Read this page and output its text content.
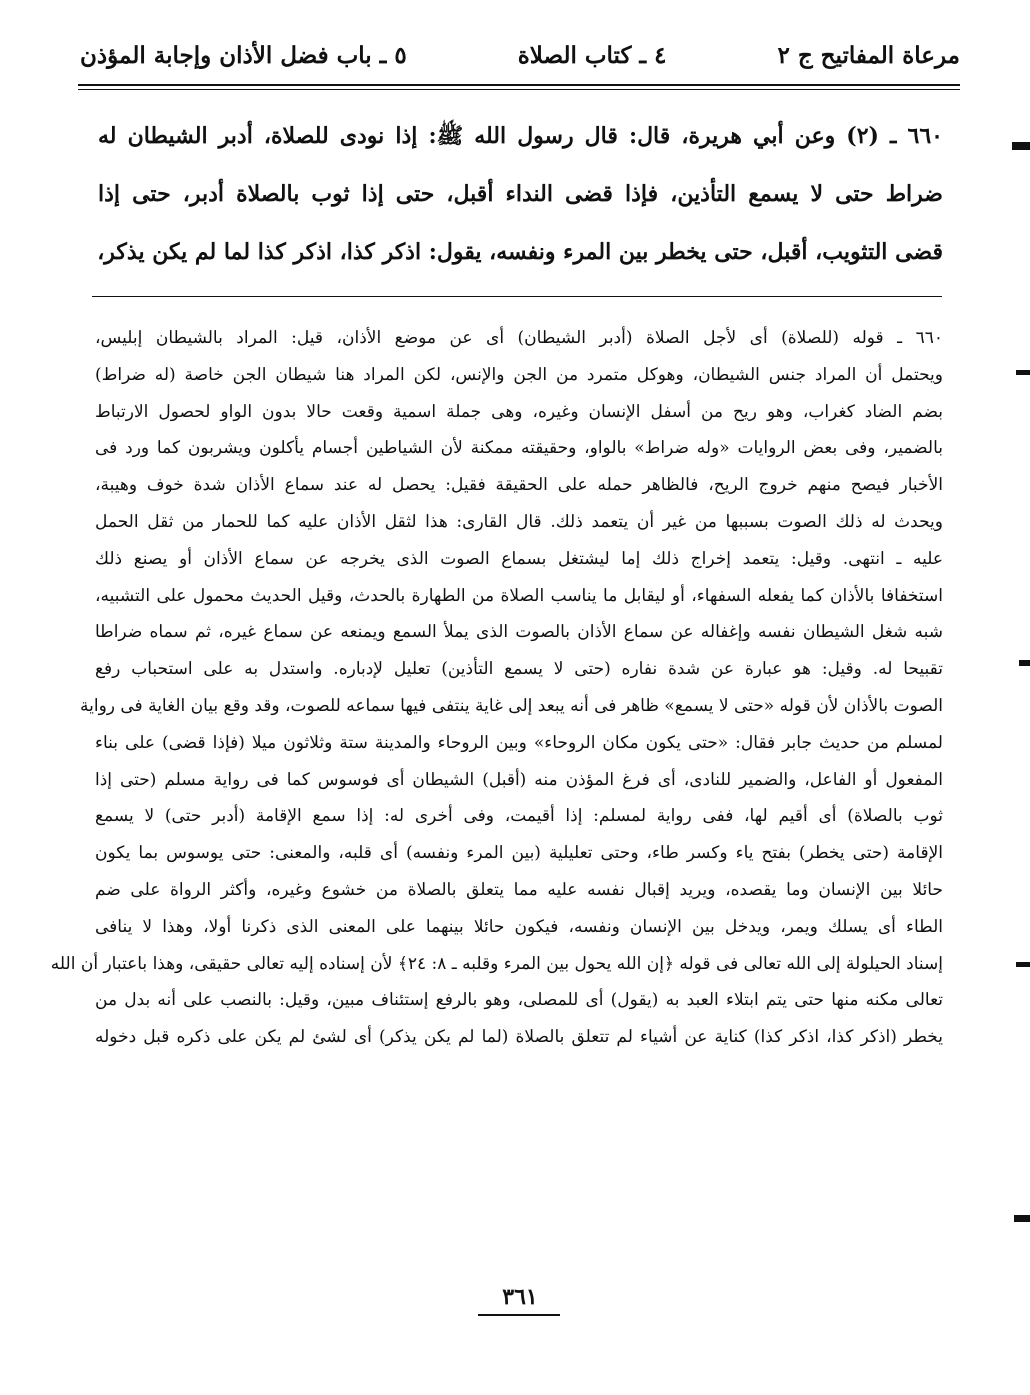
مرعاة المفاتيح ج ٢
٤ ـ كتاب الصلاة
٥ ـ باب فضل الأذان وإجابة المؤذن
٦٦٠ ـ (٢) وعن أبي هريرة، قال: قال رسول الله ﷺ: إذا نودى للصلاة، أدبر الشيطان له
ضراط حتى لا يسمع التأذين، فإذا قضى النداء أقبل، حتى إذا ثوب بالصلاة أدبر، حتى إذا
قضى التثويب، أقبل، حتى يخطر بين المرء ونفسه، يقول: اذكر كذا، اذكر كذا لما لم يكن يذكر،
٦٦٠ ـ قوله (للصلاة) أى لأجل الصلاة (أدبر الشيطان) أى عن موضع الأذان، قيل: المراد بالشيطان إبليس،
ويحتمل أن المراد جنس الشيطان، وهوكل متمرد من الجن والإنس، لكن المراد هنا شيطان الجن خاصة (له ضراط)
بضم الضاد كغراب، وهو ريح من أسفل الإنسان وغيره، وهى جملة اسمية وقعت حالا بدون الواو لحصول الارتباط
بالضمير، وفى بعض الروايات «وله ضراط» بالواو، وحقيقته ممكنة لأن الشياطين أجسام يأكلون ويشربون كما ورد فى
الأخبار فيصح منهم خروج الريح، فالظاهر حمله على الحقيقة فقيل: يحصل له عند سماع الأذان شدة خوف وهيبة،
ويحدث له ذلك الصوت بسببها من غير أن يتعمد ذلك. قال القارى: هذا لثقل الأذان عليه كما للحمار من ثقل الحمل
عليه ـ انتهى. وقيل: يتعمد إخراج ذلك إما ليشتغل بسماع الصوت الذى يخرجه عن سماع الأذان أو يصنع ذلك
استخفافا بالأذان كما يفعله السفهاء، أو ليقابل ما يناسب الصلاة من الطهارة بالحدث، وقيل الحديث محمول على التشبيه،
شبه شغل الشيطان نفسه وإغفاله عن سماع الأذان بالصوت الذى يملأ السمع ويمنعه عن سماع غيره، ثم سماه ضراطا
تقبيحا له. وقيل: هو عبارة عن شدة نفاره (حتى لا يسمع التأذين) تعليل لإدباره. واستدل به على استحباب رفع
الصوت بالأذان لأن قوله «حتى لا يسمع» ظاهر فى أنه يبعد إلى غاية ينتفى فيها سماعه للصوت، وقد وقع بيان الغاية فى رواية
لمسلم من حديث جابر فقال: «حتى يكون مكان الروحاء» وبين الروحاء والمدينة ستة وثلاثون ميلا (فإذا قضى) على بناء
المفعول أو الفاعل، والضمير للنادى، أى فرغ المؤذن منه (أقبل) الشيطان أى فوسوس كما فى رواية مسلم (حتى إذا
ثوب بالصلاة) أى أقيم لها، ففى رواية لمسلم: إذا أقيمت، وفى أخرى له: إذا سمع الإقامة (أدبر حتى) لا يسمع
الإقامة (حتى يخطر) بفتح ياء وكسر طاء، وحتى تعليلية (بين المرء ونفسه) أى قلبه، والمعنى: حتى يوسوس بما يكون
حائلا بين الإنسان وما يقصده، ويريد إقبال نفسه عليه مما يتعلق بالصلاة من خشوع وغيره، وأكثر الرواة على ضم
الطاء أى يسلك ويمر، ويدخل بين الإنسان ونفسه، فيكون حائلا بينهما على المعنى الذى ذكرنا أولا، وهذا لا ينافى
إسناد الحيلولة إلى الله تعالى فى قوله ﴿إن الله يحول بين المرء وقلبه ـ ٨: ٢٤﴾ لأن إسناده إليه تعالى حقيقى، وهذا باعتبار أن الله
تعالى مكنه منها حتى يتم ابتلاء العبد به (يقول) أى للمصلى، وهو بالرفع إستئناف مبين، وقيل: بالنصب على أنه بدل من
يخطر (اذكر كذا، اذكر كذا) كناية عن أشياء لم تتعلق بالصلاة (لما لم يكن يذكر) أى لشئ لم يكن على ذكره قبل دخوله
٣٦١
